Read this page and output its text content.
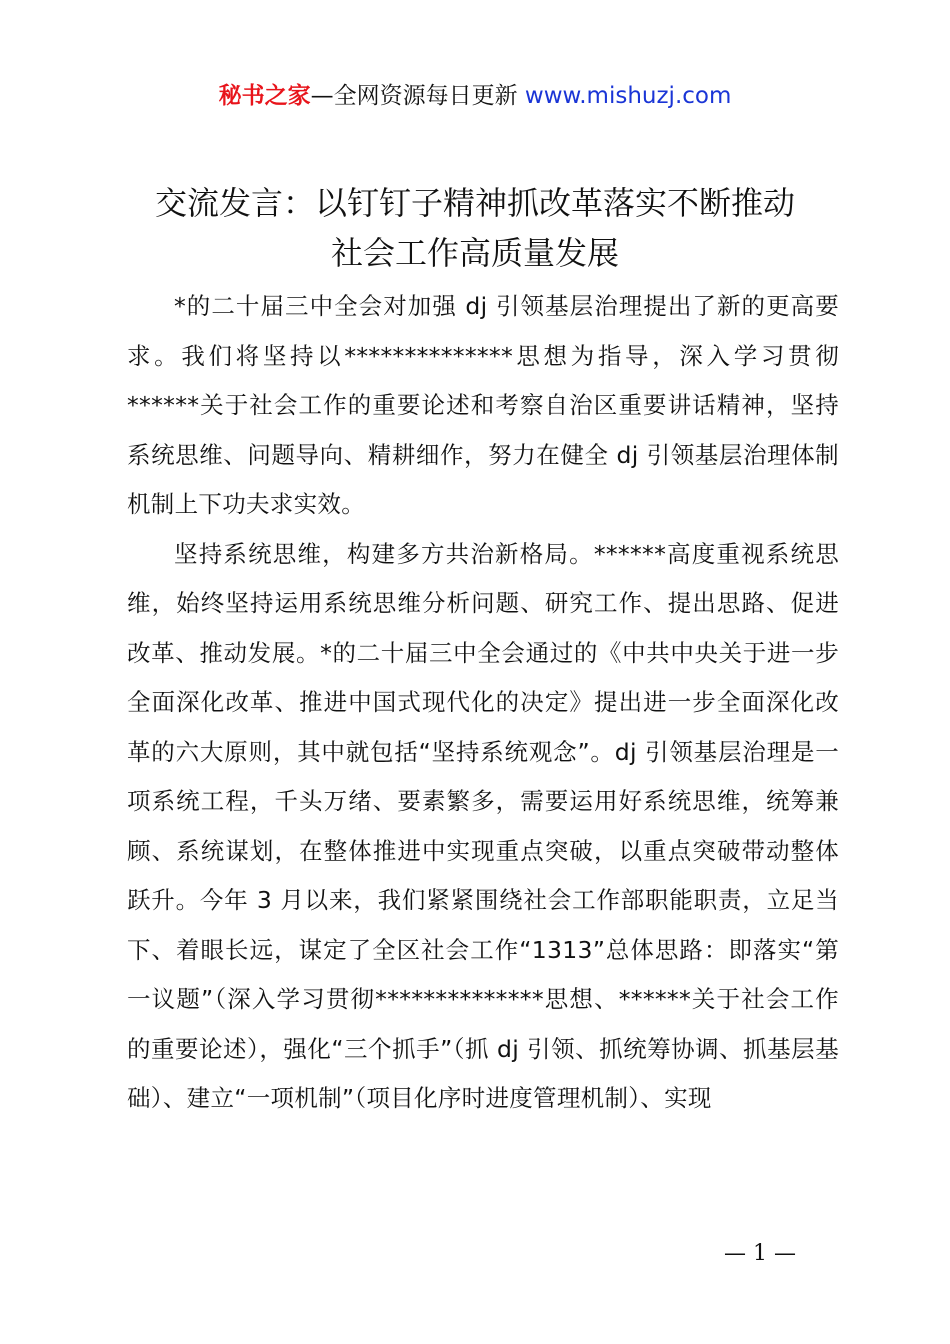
秘书之家—全网资源每日更新 www.mishuzj.com
交流发言：以钉钉子精神抓改革落实不断推动
社会工作高质量发展

*的二十届三中全会对加强 dj 引领基层治理提出了新的更高要求。我们将坚持以**************思想为指导，深入学习贯彻******关于社会工作的重要论述和考察自治区重要讲话精神，坚持系统思维、问题导向、精耕细作，努力在健全 dj 引领基层治理体制机制上下功夫求实效。

坚持系统思维，构建多方共治新格局。******高度重视系统思维，始终坚持运用系统思维分析问题、研究工作、提出思路、促进改革、推动发展。*的二十届三中全会通过的《中共中央关于进一步全面深化改革、推进中国式现代化的决定》提出进一步全面深化改革的六大原则，其中就包括“坚持系统观念”。dj 引领基层治理是一项系统工程，千头万绪、要素繁多，需要运用好系统思维，统筹兼顾、系统谋划，在整体推进中实现重点突破，以重点突破带动整体跃升。今年 3 月以来，我们紧紧围绕社会工作部职能职责，立足当下、着眼长远，谋定了全区社会工作“1313”总体思路：即落实“第一议题”（深入学习贯彻**************思想、******关于社会工作的重要论述），强化“三个抓手”（抓 dj 引领、抓统筹协调、抓基层基础）、建立“一项机制”（项目化序时进度管理机制）、实现

— 1 —
